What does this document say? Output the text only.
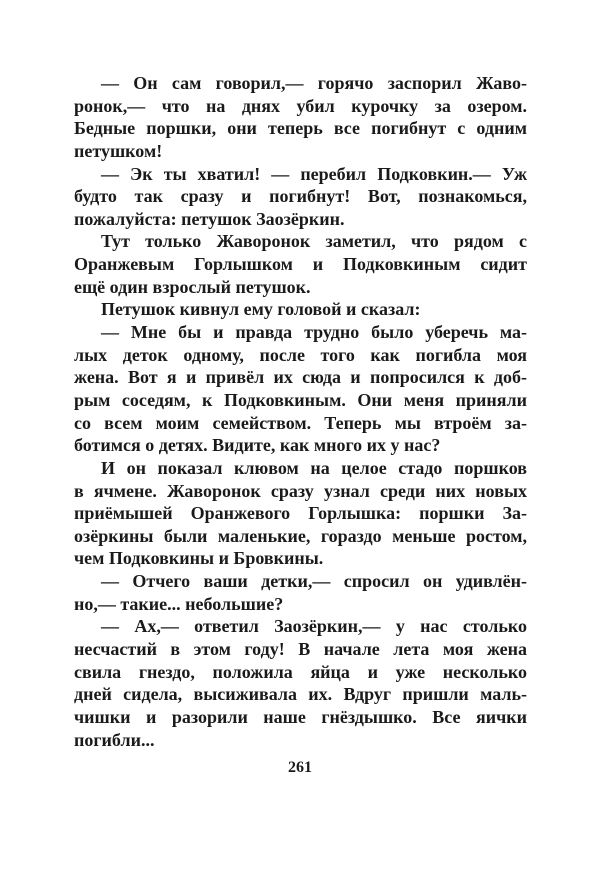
— Он сам говорил,— горячо заспорил Жаво-
ронок,— что на днях убил курочку за озером.
Бедные поршки, они теперь все погибнут с одним
петушком!
— Эк ты хватил! — перебил Подковкин.— Уж
будто так сразу и погибнут! Вот, познакомься,
пожалуйста: петушок Заозёркин.
Тут только Жаворонок заметил, что рядом с
Оранжевым Горлышком и Подковкиным сидит
ещё один взрослый петушок.
Петушок кивнул ему головой и сказал:
— Мне бы и правда трудно было уберечь ма-
лых деток одному, после того как погибла моя
жена. Вот я и привёл их сюда и попросился к доб-
рым соседям, к Подковкиным. Они меня приняли
со всем моим семейством. Теперь мы втроём за-
ботимся о детях. Видите, как много их у нас?
И он показал клювом на целое стадо поршков
в ячмене. Жаворонок сразу узнал среди них новых
приёмышей Оранжевого Горлышка: поршки За-
озёркины были маленькие, гораздо меньше ростом,
чем Подковкины и Бровкины.
— Отчего ваши детки,— спросил он удивлён-
но,— такие... небольшие?
— Ах,— ответил Заозёркин,— у нас столько
несчастий в этом году! В начале лета моя жена
свила гнездо, положила яйца и уже несколько
дней сидела, высиживала их. Вдруг пришли маль-
чишки и разорили наше гнёздышко. Все яички
погибли...
261
